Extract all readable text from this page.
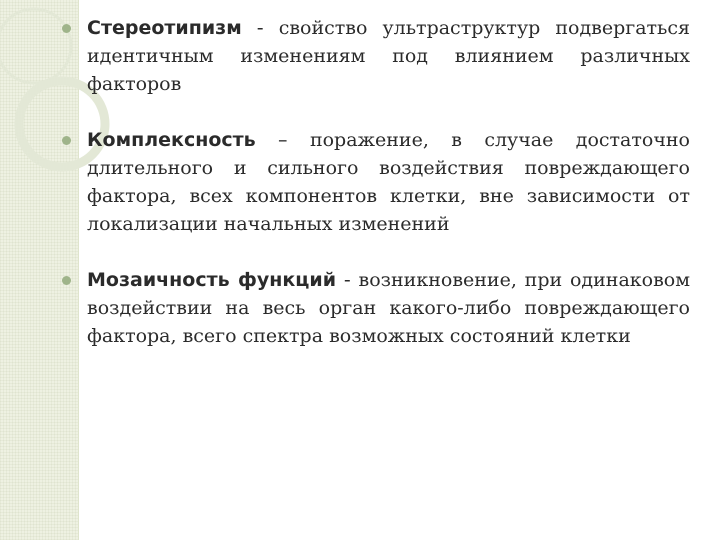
Стереотипизм - свойство ультраструктур подвергаться идентичным изменениям под влиянием различных факторов
Комплексность – поражение, в случае достаточно длительного и сильного воздействия повреждающего фактора, всех компонентов клетки, вне зависимости от локализации начальных изменений
Мозаичность функций - возникновение, при одинаковом воздействии на весь орган какого-либо повреждающего фактора, всего спектра возможных состояний клетки
